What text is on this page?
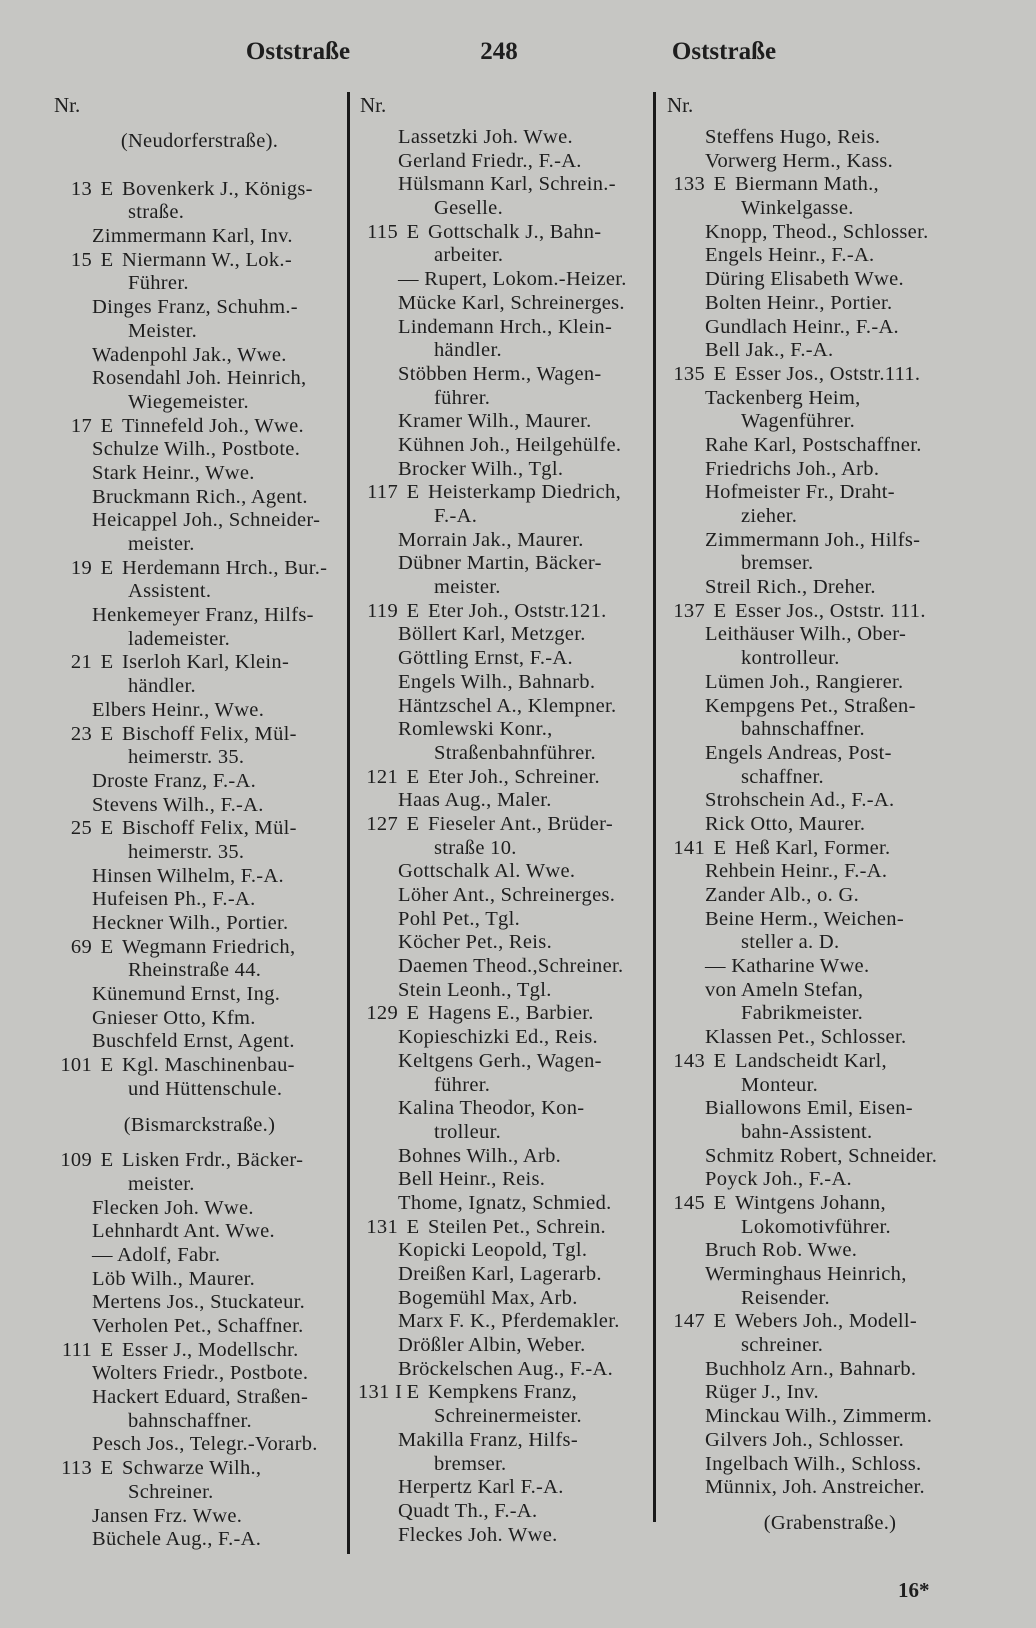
Oststraße	248	Oststraße
Nr.	Nr.	Nr.
(Neudorferstraße).
13 E Bovenkerk J., Königs-
straße.
Zimmermann Karl, Inv.
15 E Niermann W., Lok.-
Führer.
Dinges Franz, Schuhm.-
Meister.
Wadenpohl Jak., Wwe.
Rosendahl Joh. Heinrich,
Wiegemeister.
17 E Tinnefeld Joh., Wwe.
Schulze Wilh., Postbote.
Stark Heinr., Wwe.
Bruckmann Rich., Agent.
Heicappel Joh., Schneider-
meister.
19 E Herdemann Hrch., Bur.-
Assistent.
Henkemeyer Franz, Hilfs-
lademeister.
21 E Iserloh Karl, Klein-
händler.
Elbers Heinr., Wwe.
23 E Bischoff Felix, Mül-
heimerstr. 35.
Droste Franz, F.-A.
Stevens Wilh., F.-A.
25 E Bischoff Felix, Mül-
heimerstr. 35.
Hinsen Wilhelm, F.-A.
Hufeisen Ph., F.-A.
Heckner Wilh., Portier.
69 E Wegmann Friedrich,
Rheinstraße 44.
Künemund Ernst, Ing.
Gnieser Otto, Kfm.
Buschfeld Ernst, Agent.
101 E Kgl. Maschinenbau-
und Hüttenschule.
(Bismarckstraße.)
109 E Lisken Frdr., Bäcker-
meister.
Flecken Joh. Wwe.
Lehnhardt Ant. Wwe.
— Adolf, Fabr.
Löb Wilh., Maurer.
Mertens Jos., Stuckateur.
Verholen Pet., Schaffner.
111 E Esser J., Modellschr.
Wolters Friedr., Postbote.
Hackert Eduard, Straßen-
bahnschaffner.
Pesch Jos., Telegr.-Vorarb.
113 E Schwarze Wilh.,
Schreiner.
Jansen Frz. Wwe.
Büchele Aug., F.-A.
Lassetzki Joh. Wwe.
Gerland Friedr., F.-A.
Hülsmann Karl, Schrein.-
Geselle.
115 E Gottschalk J., Bahn-
arbeiter.
— Rupert, Lokom.-Heizer.
Mücke Karl, Schreinerges.
Lindemann Hrch., Klein-
händler.
Stöbben Herm., Wagen-
führer.
Kramer Wilh., Maurer.
Kühnen Joh., Heilgehülfe.
Brocker Wilh., Tgl.
117 E Heisterkamp Diedrich,
F.-A.
Morrain Jak., Maurer.
Dübner Martin, Bäcker-
meister.
119 E Eter Joh., Oststr.121.
Böllert Karl, Metzger.
Göttling Ernst, F.-A.
Engels Wilh., Bahnarb.
Häntzschel A., Klempner.
Romlewski Konr.,
Straßenbahnführer.
121 E Eter Joh., Schreiner.
Haas Aug., Maler.
127 E Fieseler Ant., Brüder-
straße 10.
Gottschalk Al. Wwe.
Löher Ant., Schreinerges.
Pohl Pet., Tgl.
Köcher Pet., Reis.
Daemen Theod.,Schreiner.
Stein Leonh., Tgl.
129 E Hagens E., Barbier.
Kopieschizki Ed., Reis.
Keltgens Gerh., Wagen-
führer.
Kalina Theodor, Kon-
trolleur.
Bohnes Wilh., Arb.
Bell Heinr., Reis.
Thome, Ignatz, Schmied.
131 E Steilen Pet., Schrein.
Kopicki Leopold, Tgl.
Dreißen Karl, Lagerarb.
Bogemühl Max, Arb.
Marx F. K., Pferdemakler.
Drößler Albin, Weber.
Bröckelschen Aug., F.-A.
131 I E Kempkens Franz,
Schreinermeister.
Makilla Franz, Hilfs-
bremser.
Herpertz Karl F.-A.
Quadt Th., F.-A.
Fleckes Joh. Wwe.
Steffens Hugo, Reis.
Vorwerg Herm., Kass.
133 E Biermann Math.,
Winkelgasse.
Knopp, Theod., Schlosser.
Engels Heinr., F.-A.
Düring Elisabeth Wwe.
Bolten Heinr., Portier.
Gundlach Heinr., F.-A.
Bell Jak., F.-A.
135 E Esser Jos., Oststr.111.
Tackenberg Heim,
Wagenführer.
Rahe Karl, Postschaffner.
Friedrichs Joh., Arb.
Hofmeister Fr., Draht-
zieher.
Zimmermann Joh., Hilfs-
bremser.
Streil Rich., Dreher.
137 E Esser Jos., Oststr. 111.
Leithäuser Wilh., Ober-
kontrolleur.
Lümen Joh., Rangierer.
Kempgens Pet., Straßen-
bahnschaffner.
Engels Andreas, Post-
schaffner.
Strohschein Ad., F.-A.
Rick Otto, Maurer.
141 E Heß Karl, Former.
Rehbein Heinr., F.-A.
Zander Alb., o. G.
Beine Herm., Weichen-
steller a. D.
— Katharine Wwe.
von Ameln Stefan,
Fabrikmeister.
Klassen Pet., Schlosser.
143 E Landscheidt Karl,
Monteur.
Biallowons Emil, Eisen-
bahn-Assistent.
Schmitz Robert, Schneider.
Poyck Joh., F.-A.
145 E Wintgens Johann,
Lokomotivführer.
Bruch Rob. Wwe.
Werminghaus Heinrich,
Reisender.
147 E Webers Joh., Modell-
schreiner.
Buchholz Arn., Bahnarb.
Rüger J., Inv.
Minckau Wilh., Zimmerm.
Gilvers Joh., Schlosser.
Ingelbach Wilh., Schloss.
Münnix, Joh. Anstreicher.
(Grabenstraße.)
16*
